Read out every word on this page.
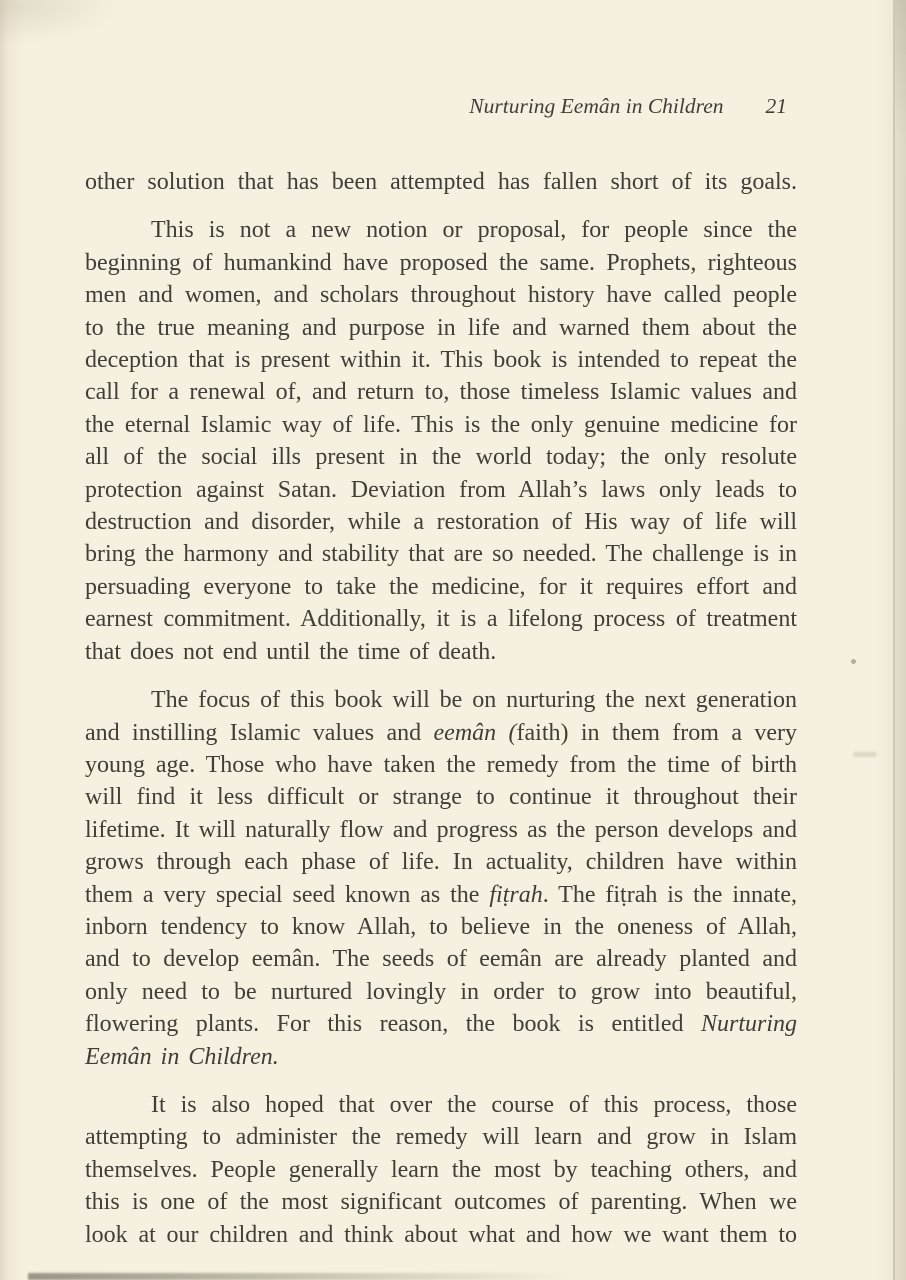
Nurturing Eemân in Children 21
other solution that has been attempted has fallen short of its goals.
This is not a new notion or proposal, for people since the
beginning of humankind have proposed the same. Prophets, righteous
men and women, and scholars throughout history have called people
to the true meaning and purpose in life and warned them about the
deception that is present within it. This book is intended to repeat the
call for a renewal of, and return to, those timeless Islamic values and
the eternal Islamic way of life. This is the only genuine medicine for
all of the social ills present in the world today; the only resolute
protection against Satan. Deviation from Allah’s laws only leads to
destruction and disorder, while a restoration of His way of life will
bring the harmony and stability that are so needed. The challenge is in
persuading everyone to take the medicine, for it requires effort and
earnest commitment. Additionally, it is a lifelong process of treatment
that does not end until the time of death.
The focus of this book will be on nurturing the next generation
and instilling Islamic values and eemân (faith) in them from a very
young age. Those who have taken the remedy from the time of birth
will find it less difficult or strange to continue it throughout their
lifetime. It will naturally flow and progress as the person develops and
grows through each phase of life. In actuality, children have within
them a very special seed known as the fiṭrah. The fiṭrah is the innate,
inborn tendency to know Allah, to believe in the oneness of Allah,
and to develop eemân. The seeds of eemân are already planted and
only need to be nurtured lovingly in order to grow into beautiful,
flowering plants. For this reason, the book is entitled Nurturing
Eemân in Children.
It is also hoped that over the course of this process, those
attempting to administer the remedy will learn and grow in Islam
themselves. People generally learn the most by teaching others, and
this is one of the most significant outcomes of parenting. When we
look at our children and think about what and how we want them to
